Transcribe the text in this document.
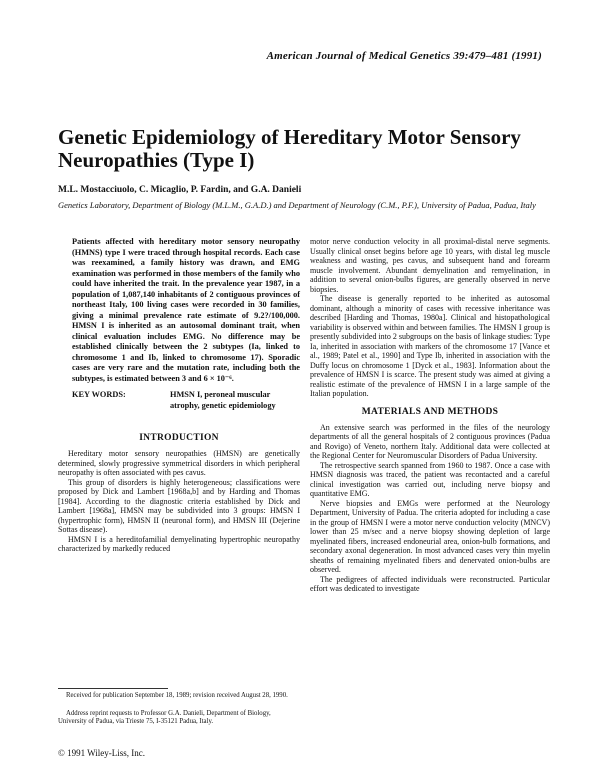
American Journal of Medical Genetics 39:479–481 (1991)
Genetic Epidemiology of Hereditary Motor Sensory Neuropathies (Type I)
M.L. Mostacciuolo, C. Micaglio, P. Fardin, and G.A. Danieli
Genetics Laboratory, Department of Biology (M.L.M., G.A.D.) and Department of Neurology (C.M., P.F.), University of Padua, Padua, Italy
Patients affected with hereditary motor sensory neuropathy (HMNS) type I were traced through hospital records. Each case was reexamined, a family history was drawn, and EMG examination was performed in those members of the family who could have inherited the trait. In the prevalence year 1987, in a population of 1,087,140 inhabitants of 2 contiguous provinces of northeast Italy, 100 living cases were recorded in 30 families, giving a minimal prevalence rate estimate of 9.2?/100,000. HMSN I is inherited as an autosomal dominant trait, when clinical evaluation includes EMG. No difference may be established clinically between the 2 subtypes (Ia, linked to chromosome 1 and Ib, linked to chromosome 17). Sporadic cases are very rare and the mutation rate, including both the subtypes, is estimated between 3 and 6 × 10⁻⁶.
KEY WORDS:	HMSN I, peroneal muscular atrophy, genetic epidemiology
INTRODUCTION

Hereditary motor sensory neuropathies (HMSN) are genetically determined, slowly progressive symmetrical disorders in which peripheral neuropathy is often associated with pes cavus.

This group of disorders is highly heterogeneous; classifications were proposed by Dick and Lambert [1968a,b] and by Harding and Thomas [1984]. According to the diagnostic criteria established by Dick and Lambert [1968a], HMSN may be subdivided into 3 groups: HMSN I (hypertrophic form), HMSN II (neuronal form), and HMSN III (Dejerine Sottas disease).

HMSN I is a hereditofamilial demyelinating hypertrophic neuropathy characterized by markedly reduced

motor nerve conduction velocity in all proximal-distal nerve segments. Usually clinical onset begins before age 10 years, with distal leg muscle weakness and wasting, pes cavus, and subsequent hand and forearm muscle involvement. Abundant demyelination and remyelination, in addition to several onion-bulbs figures, are generally observed in nerve biopsies.

The disease is generally reported to be inherited as autosomal dominant, although a minority of cases with recessive inheritance was described [Harding and Thomas, 1980a]. Clinical and histopathological variability is observed within and between families. The HMSN I group is presently subdivided into 2 subgroups on the basis of linkage studies: Type Ia, inherited in association with markers of the chromosome 17 [Vance et al., 1989; Patel et al., 1990] and Type Ib, inherited in association with the Duffy locus on chromosome 1 [Dyck et al., 1983]. Information about the prevalence of HMSN I is scarce. The present study was aimed at giving a realistic estimate of the prevalence of HMSN I in a large sample of the Italian population.

MATERIALS AND METHODS

An extensive search was performed in the files of the neurology departments of all the general hospitals of 2 contiguous provinces (Padua and Rovigo) of Veneto, northern Italy. Additional data were collected at the Regional Center for Neuromuscular Disorders of Padua University.

The retrospective search spanned from 1960 to 1987. Once a case with HMSN diagnosis was traced, the patient was recontacted and a careful clinical investigation was carried out, including nerve biopsy and quantitative EMG.

Nerve biopsies and EMGs were performed at the Neurology Department, University of Padua. The criteria adopted for including a case in the group of HMSN I were a motor nerve conduction velocity (MNCV) lower than 25 m/sec and a nerve biopsy showing depletion of large myelinated fibers, increased endoneurial area, onion-bulb formations, and secondary axonal degeneration. In most advanced cases very thin myelin sheaths of remaining myelinated fibers and denervated onion-bulbs are observed.

The pedigrees of affected individuals were reconstructed. Particular effort was dedicated to investigate

Received for publication September 18, 1989; revision received August 28, 1990.

Address reprint requests to Professor G.A. Danieli, Department of Biology, University of Padua, via Trieste 75, I-35121 Padua, Italy.

© 1991 Wiley-Liss, Inc.
